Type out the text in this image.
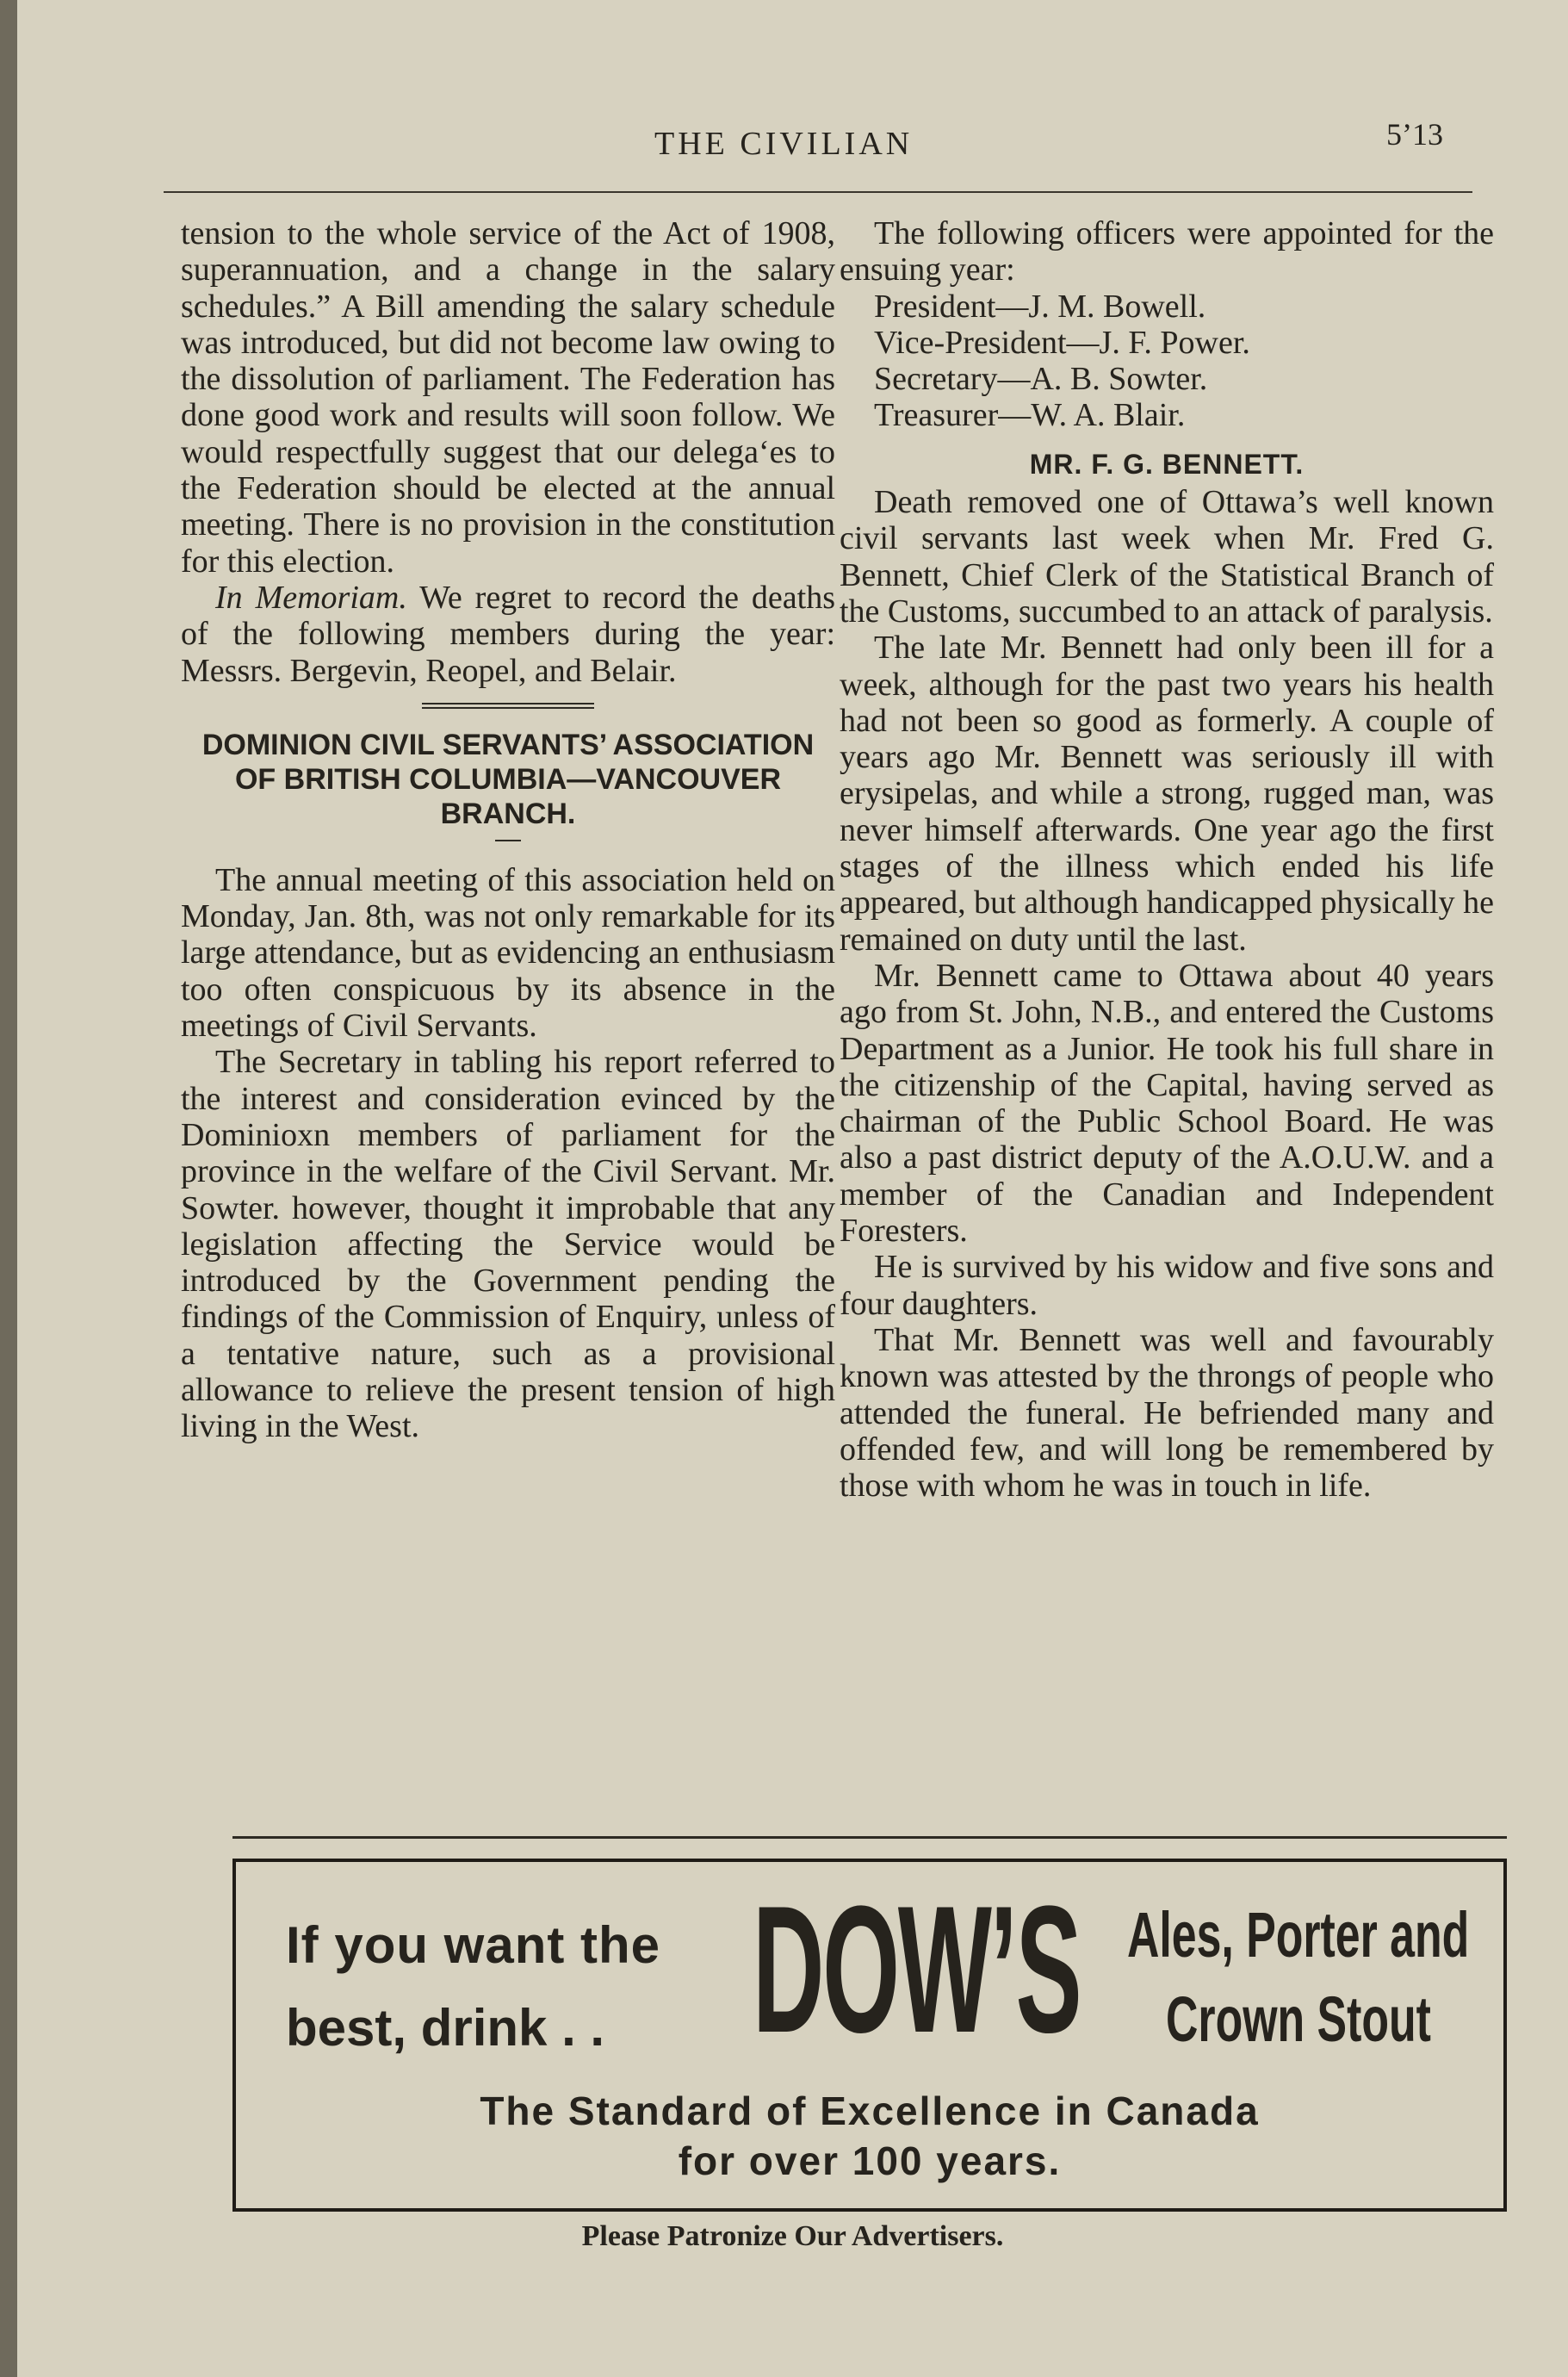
THE CIVILIAN	5’13

tension to the whole service of the Act of 1908, superannuation, and a change in the salary schedules.” A Bill amending the salary schedule was introduced, but did not become law owing to the dissolution of parliament. The Federation has done good work and results will soon follow. We would respectfully suggest that our delega‘es to the Federation should be elected at the annual meeting. There is no provision in the constitution for this election.

In Memoriam. We regret to record the deaths of the following members during the year: Messrs. Bergevin, Reopel, and Belair.

DOMINION CIVIL SERVANTS’ ASSOCIATION OF BRITISH COLUMBIA—VANCOUVER BRANCH.

The annual meeting of this association held on Monday, Jan. 8th, was not only remarkable for its large attendance, but as evidencing an enthusiasm too often conspicuous by its absence in the meetings of Civil Servants.

The Secretary in tabling his report referred to the interest and consideration evinced by the Dominioxn members of parliament for the province in the welfare of the Civil Servant. Mr. Sowter. however, thought it improbable that any legislation affecting the Service would be introduced by the Government pending the findings of the Commission of Enquiry, unless of a tentative nature, such as a provisional allowance to relieve the present tension of high living in the West.

The following officers were appointed for the ensuing year:

President—J. M. Bowell.

Vice-President—J. F. Power.

Secretary—A. B. Sowter.

Treasurer—W. A. Blair.

MR. F. G. BENNETT.

Death removed one of Ottawa’s well known civil servants last week when Mr. Fred G. Bennett, Chief Clerk of the Statistical Branch of the Customs, succumbed to an attack of paralysis.

The late Mr. Bennett had only been ill for a week, although for the past two years his health had not been so good as formerly. A couple of years ago Mr. Bennett was seriously ill with erysipelas, and while a strong, rugged man, was never himself afterwards. One year ago the first stages of the illness which ended his life appeared, but although handicapped physically he remained on duty until the last.

Mr. Bennett came to Ottawa about 40 years ago from St. John, N.B., and entered the Customs Department as a Junior. He took his full share in the citizenship of the Capital, having served as chairman of the Public School Board. He was also a past district deputy of the A.O.U.W. and a member of the Canadian and Independent Foresters.

He is survived by his widow and five sons and four daughters.

That Mr. Bennett was well and favourably known was attested by the throngs of people who attended the funeral. He befriended many and offended few, and will long be remembered by those with whom he was in touch in life.

If you want the
best, drink . . DOW’S Ales, Porter and
Crown Stout
The Standard of Excellence in Canada
for over 100 years.
Please Patronize Our Advertisers.
